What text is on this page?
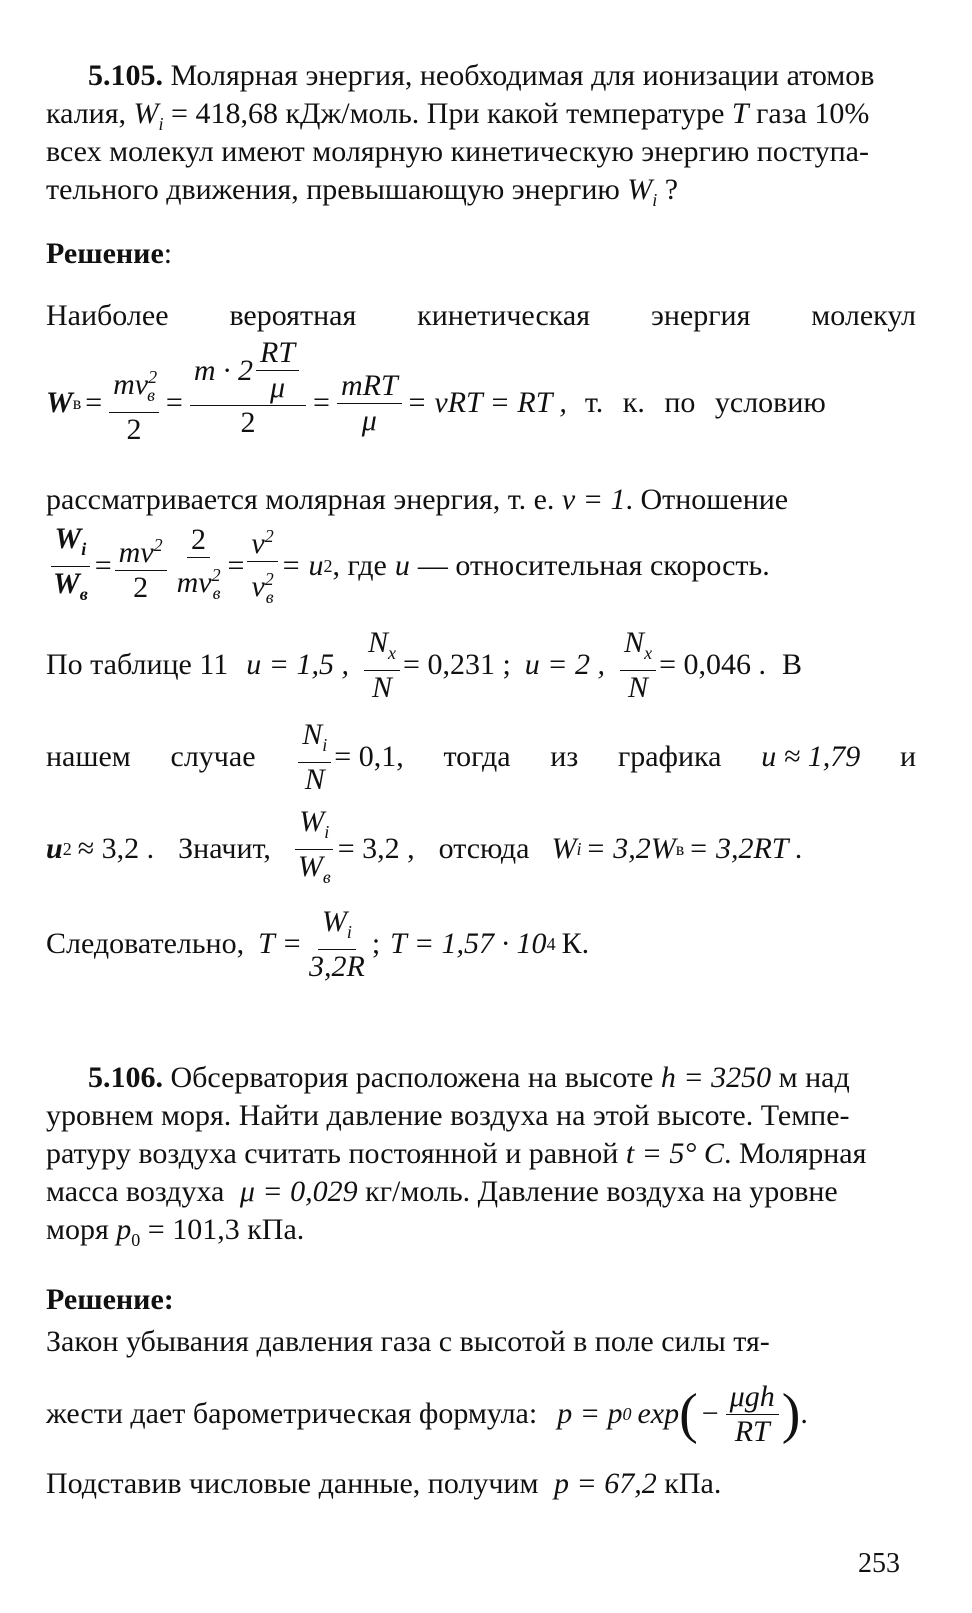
5.105. Молярная энергия, необходимая для ионизации атомов
калия, $W_i = 418,68$ кДж/моль. При какой температуре T газа 10%
всех молекул имеют молярную кинетическую энергию поступа-
тельного движения, превышающую энергию $W_i$ ?
Решение:
Наиболее вероятная кинетическая энергия молекул
W $в = \frac{mv^2_в}{2} = \frac{m \cdot 2 \frac{RT}{\mu}}{2} = \frac{\text{mRT}}{\mu} = \nu RT$ = RT , т. к. по условию
рассматривается молярная энергия, т. е. ν = 1. Отношение
$\frac{W_i}{W_в} = \frac{mv^2}{2} \frac{2}{mv^2_в} = \frac{v^2}{v^2_в} = u$ 2 , где u — относительная скорость.
По таблице 11 u = 1,5 , $\frac{N_x}{N} = 0,231$ ; u = 2 , $\frac{N_x}{N} = 0,046$ . В
нашем случае $\frac{N_i}{N} = 0,1$, тогда из графика u ≈ 1,79 и
u 2 ≈ 3,2 . Значит, $\frac{W_i}{W_в} = 3,2$ , отсюда W i = 3,2W в = 3,2RT .
Следовательно, $T = \frac{W_i}{3,2R}$ ; T = 1,57 · 10 4 К.
5.106. Обсерватория расположена на высоте h = 3250 м над
уровнем моря. Найти давление воздуха на этой высоте. Темпе-
ратуру воздуха считать постоянной и равной t = 5° C. Молярная
масса воздуха μ = 0,029 кг/моль. Давление воздуха на уровне
моря $p_0 = 101,3$ кПа.
Решение:
Закон убывания давления газа с высотой в поле силы тя-
жести дает барометрическая формула: p = p 0 exp ( − $\frac{\text{μgh}}{RT}$ ) .
Подставив числовые данные, получим p = 67,2 кПа.
253
